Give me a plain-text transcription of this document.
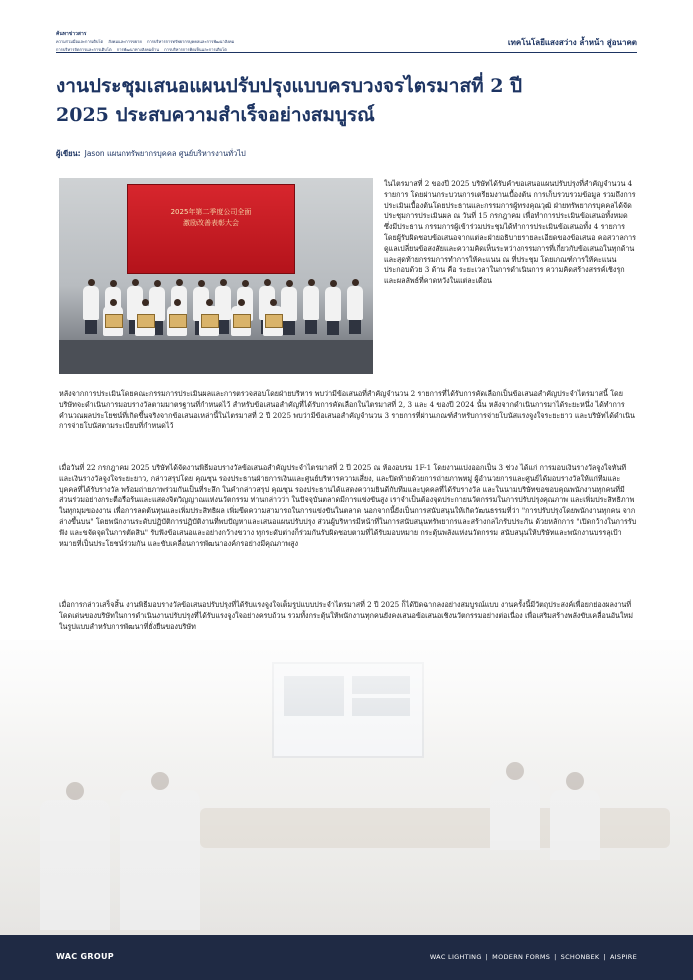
ค้นหาข่าวสาร
ความร่วมมือและการเติบโต สังคมและการขยาย การบริหารการทรัพยากรบุคคลและการพัฒนาสังคม
การบริหารจัดการและการเติบโต การพัฒนาทางสังคมด้าน การบริหารการคิดเห็นและการเติบโต
เทคโนโลยีแสงสว่าง ล้ำหน้า สู่อนาคต
งานประชุมเสนอแผนปรับปรุงแบบครบวงจรไตรมาสที่ 2 ปี
2025 ประสบความสำเร็จอย่างสมบูรณ์
ผู้เขียน: Jason แผนกทรัพยากรบุคคล ศูนย์บริหารงานทั่วไป
2025年第二季度公司全面
激励改善表彰大会

ในไตรมาสที่ 2 ของปี 2025 บริษัทได้รับคำขอเสนอแผนปรับปรุงที่สำคัญจำนวน 4 รายการ โดยผ่านกระบวนการเตรียมงานเบื้องต้น การเก็บรวบรวมข้อมูล รวมถึงการประเมินเบื้องต้นโดยประธานและกรรมการผู้ทรงคุณวุฒิ ฝ่ายทรัพยากรบุคคลได้จัดประชุมการประเมินผล ณ วันที่ 15 กรกฎาคม เพื่อทำการประเมินข้อเสนอทั้งหมด ซึ่งมีประธาน กรรมการผู้เข้าร่วมประชุมได้ทำการประเมินข้อเสนอทั้ง 4 รายการ โดยผู้รับผิดชอบข้อเสนอจากแต่ละฝ่ายอธิบายรายละเอียดของข้อเสนอ คอสวาลการดูแลเปลี่ยนข้อสงสัยและความคิดเห็นระหว่างกรรมการที่เกี่ยวกับข้อเสนอในทุกด้าน และสุดท้ายกรรมการทำการให้คะแนน ณ ที่ประชุม โดยเกณฑ์การให้คะแนนประกอบด้วย 3 ด้าน คือ ระยะเวลาในการดำเนินการ ความคิดสร้างสรรค์เชิงรุก และผลลัพธ์ที่คาดหวังในแต่ละเดือน

หลังจากการประเมินโดยคณะกรรมการประเมินผลและการตรวจสอบโดยฝ่ายบริหาร พบว่ามีข้อเสนอที่สำคัญจำนวน 2 รายการที่ได้รับการคัดเลือกเป็นข้อเสนอสำคัญประจำไตรมาสนี้ โดยบริษัทจะดำเนินการมอบรางวัลตามมาตรฐานที่กำหนดไว้ สำหรับข้อเสนอสำคัญที่ได้รับการคัดเลือกในไตรมาสที่ 2, 3 และ 4 ของปี 2024 นั้น หลังจากดำเนินการมาได้ระยะหนึ่ง ได้ทำการคำนวณผลประโยชน์ที่เกิดขึ้นจริงจากข้อเสนอเหล่านี้ในไตรมาสที่ 2 ปี 2025 พบว่ามีข้อเสนอสำคัญจำนวน 3 รายการที่ผ่านเกณฑ์สำหรับการจ่ายโบนัสแรงจูงใจระยะยาว และบริษัทได้ดำเนินการจ่ายโบนัสตามระเบียบที่กำหนดไว้

เมื่อวันที่ 22 กรกฎาคม 2025 บริษัทได้จัดงานพิธีมอบรางวัลข้อเสนอสำคัญประจำไตรมาสที่ 2 ปี 2025 ณ ห้องอบรม 1F-1 โดยงานแบ่งออกเป็น 3 ช่วง ได้แก่ การมอบเงินรางวัลจูงใจทันทีและเงินรางวัลจูงใจระยะยาว, กล่าวสรุปโดย คุณซุน รองประธานฝ่ายการเงินและศูนย์บริหารความเสี่ยง, และปิดท้ายด้วยการถ่ายภาพหมู่ ผู้อำนวยการและศูนย์ได้มอบรางวัลให้แก่ทีมและบุคคลที่ได้รับรางวัล พร้อมถ่ายภาพร่วมกันเป็นที่ระลึก ในคำกล่าวสรุป คุณซุน รองประธานได้แสดงความยินดีกับทีมและบุคคลที่ได้รับรางวัล และในนามบริษัทขอขอบคุณพนักงานทุกคนที่มีส่วนร่วมอย่างกระตือรือร้นและแสดงจิตวิญญาณแห่งนวัตกรรม ท่านกล่าวว่า ในปัจจุบันตลาดมีการแข่งขันสูง เราจำเป็นต้องจุดประกายนวัตกรรมในการปรับปรุงคุณภาพ และเพิ่มประสิทธิภาพในทุกมุมของงาน เพื่อการลดต้นทุนและเพิ่มประสิทธิผล เพิ่มขีดความสามารถในการแข่งขันในตลาด นอกจากนี้ยังเป็นการสนับสนุนให้เกิดวัฒนธรรมที่ว่า "การปรับปรุงโดยพนักงานทุกคน จากล่างขึ้นบน" โดยพนักงานระดับปฏิบัติการปฏิบัติงานที่พบปัญหาและเสนอแผนปรับปรุง ส่วนผู้บริหารมีหน้าที่ในการสนับสนุนทรัพยากรและสร้างกลไกรับประกัน ด้วยหลักการ "เปิดกว้างในการรับฟัง และขจัดจุดในการตัดสิน" รับฟังข้อเสนอและอย่างกว้างขวาง ทุกระดับต่างก็ร่วมกันรับผิดชอบตามที่ได้รับมอบหมาย กระตุ้นพลังแห่งนวัตกรรม สนับสนุนให้บริษัทและพนักงานบรรลุเป้าหมายที่เป็นประโยชน์ร่วมกัน และขับเคลื่อนการพัฒนาองค์กรอย่างมีคุณภาพสูง

เมื่อการกล่าวเสร็จสิ้น งานพิธีมอบรางวัลข้อเสนอปรับปรุงที่ได้รับแรงจูงใจเต็มรูปแบบประจำไตรมาสที่ 2 ปี 2025 ก็ได้ปิดฉากลงอย่างสมบูรณ์แบบ งานครั้งนี้มีวัตถุประสงค์เพื่อยกย่องผลงานที่โดดเด่นของบริษัทในการดำเนินงานปรับปรุงที่ได้รับแรงจูงใจอย่างครบถ้วน รวมทั้งกระตุ้นให้พนักงานทุกคนยังคงเสนอข้อเสนอเชิงนวัตกรรมอย่างต่อเนื่อง เพื่อเสริมสร้างพลังขับเคลื่อนอันใหม่ในรูปแบบสำหรับการพัฒนาที่ยั่งยืนของบริษัท

WAC GROUP	WAC LIGHTING | MODERN FORMS | SCHONBEK | AISPIRE
